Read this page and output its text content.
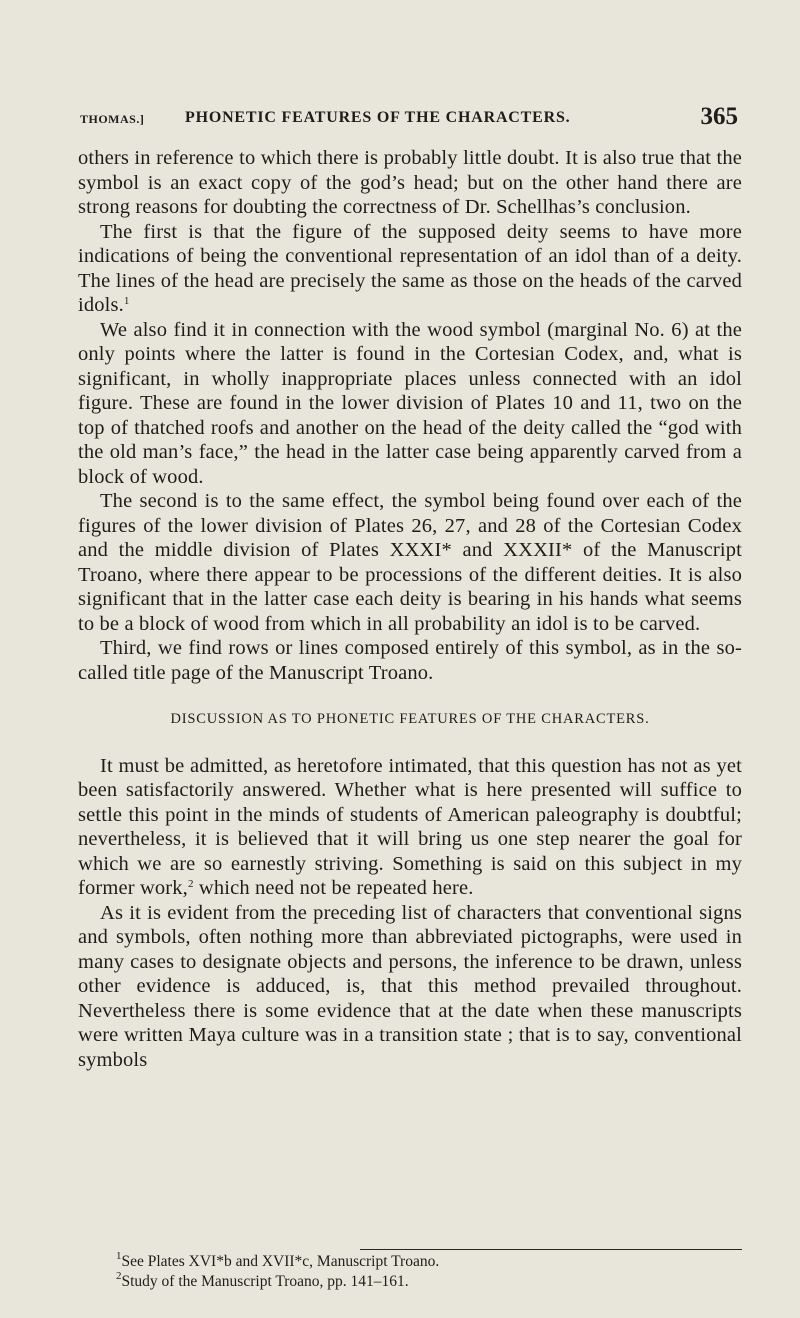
THOMAS.]	PHONETIC FEATURES OF THE CHARACTERS.	365

others in reference to which there is probably little doubt. It is also true that the symbol is an exact copy of the god’s head; but on the other hand there are strong reasons for doubting the correctness of Dr. Schellhas’s conclusion.

The first is that the figure of the supposed deity seems to have more indications of being the conventional representation of an idol than of a deity. The lines of the head are precisely the same as those on the heads of the carved idols.$^1$

We also find it in connection with the wood symbol (marginal No. 6) at the only points where the latter is found in the Cortesian Codex, and, what is significant, in wholly inappropriate places unless connected with an idol figure. These are found in the lower division of Plates 10 and 11, two on the top of thatched roofs and another on the head of the deity called the “god with the old man’s face,” the head in the latter case being apparently carved from a block of wood.

The second is to the same effect, the symbol being found over each of the figures of the lower division of Plates 26, 27, and 28 of the Cortesian Codex and the middle division of Plates XXXI* and XXXII* of the Manuscript Troano, where there appear to be processions of the different deities. It is also significant that in the latter case each deity is bearing in his hands what seems to be a block of wood from which in all probability an idol is to be carved.

Third, we find rows or lines composed entirely of this symbol, as in the so-called title page of the Manuscript Troano.

DISCUSSION AS TO PHONETIC FEATURES OF THE CHARACTERS.

It must be admitted, as heretofore intimated, that this question has not as yet been satisfactorily answered. Whether what is here presented will suffice to settle this point in the minds of students of American paleography is doubtful; nevertheless, it is believed that it will bring us one step nearer the goal for which we are so earnestly striving. Something is said on this subject in my former work,$^2$ which need not be repeated here.

As it is evident from the preceding list of characters that conventional signs and symbols, often nothing more than abbreviated pictographs, were used in many cases to designate objects and persons, the inference to be drawn, unless other evidence is adduced, is, that this method prevailed throughout. Nevertheless there is some evidence that at the date when these manuscripts were written Maya culture was in a transition state ; that is to say, conventional symbols

$^1$See Plates XVI*b and XVII*c, Manuscript Troano.

$^2$Study of the Manuscript Troano, pp. 141–161.
